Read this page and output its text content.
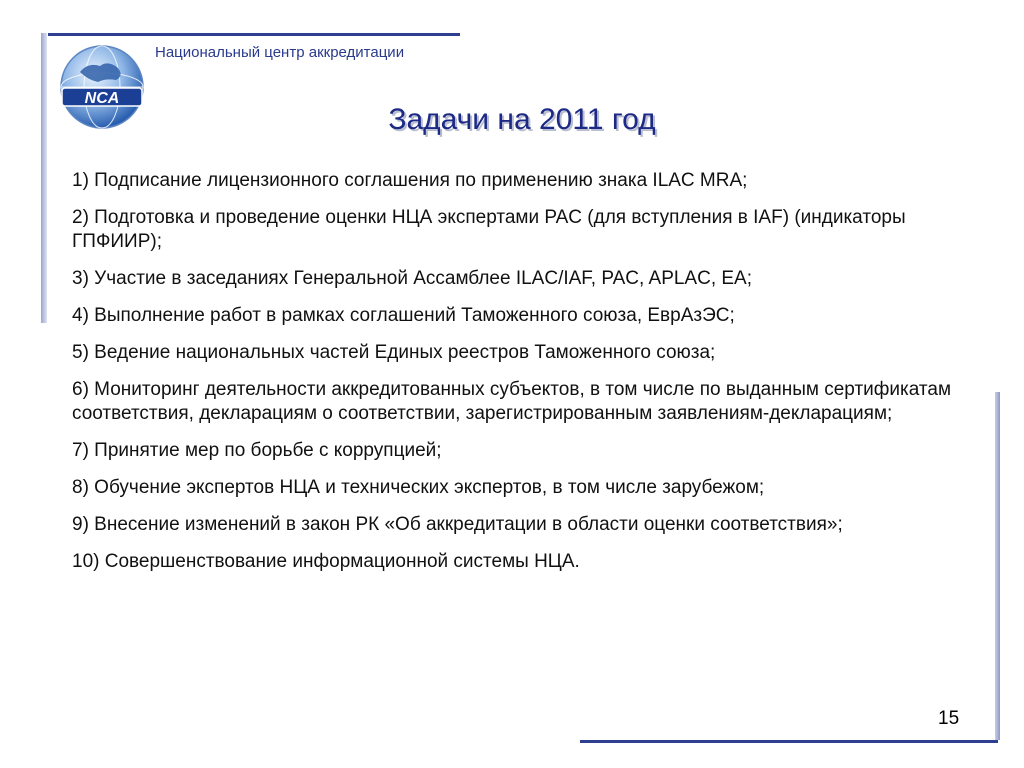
NCA
Национальный центр аккредитации
Задачи на 2011 год
1) Подписание лицензионного соглашения по применению знака ILAC MRA;
2) Подготовка и проведение оценки НЦА экспертами PAC (для вступления в IAF) (индикаторы ГПФИИР);
3) Участие в заседаниях Генеральной Ассамблее ILAC/IAF, PAC, APLAC, EA;
4) Выполнение работ в рамках соглашений Таможенного союза, ЕврАзЭС;
5) Ведение национальных частей Единых реестров Таможенного союза;
6) Мониторинг деятельности аккредитованных субъектов, в том числе по выданным сертификатам соответствия, декларациям о соответствии, зарегистрированным заявлениям-декларациям;
7) Принятие мер по борьбе с коррупцией;
8) Обучение экспертов НЦА и технических экспертов, в том числе зарубежом;
9) Внесение изменений в закон РК «Об аккредитации в области оценки соответствия»;
10) Совершенствование информационной системы НЦА.
15
